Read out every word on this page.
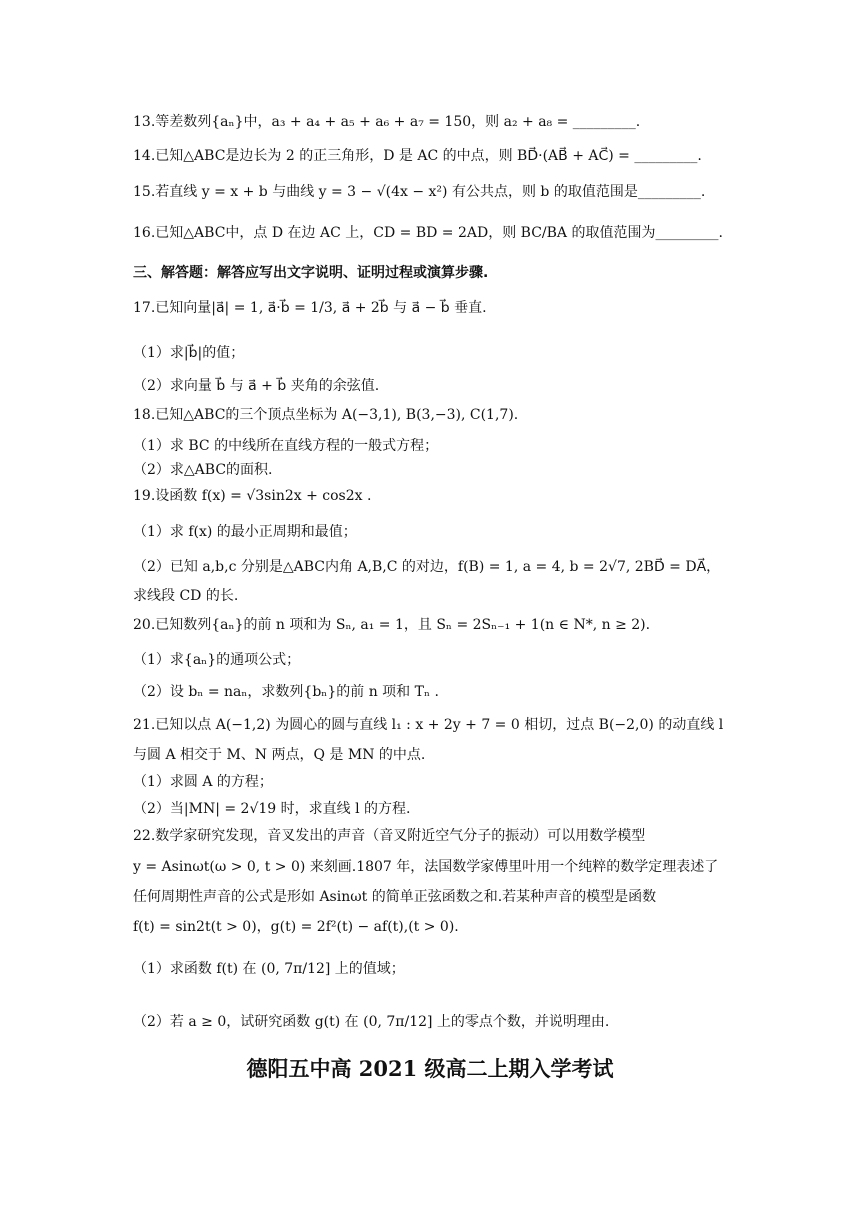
13.等差数列{aₙ}中，a₃ + a₄ + a₅ + a₆ + a₇ = 150，则 a₂ + a₈ = _________.
14.已知△ABC是边长为 2 的正三角形，D 是 AC 的中点，则 BD⃗·(AB⃗ + AC⃗) = _________.
15.若直线 y = x + b 与曲线 y = 3 − √(4x − x²) 有公共点，则 b 的取值范围是_________.
16.已知△ABC中，点 D 在边 AC 上，CD = BD = 2AD，则 BC/BA 的取值范围为_________.
三、解答题：解答应写出文字说明、证明过程或演算步骤.
17.已知向量|a⃗| = 1, a⃗·b⃗ = 1/3, a⃗ + 2b⃗ 与 a⃗ − b⃗ 垂直.
（1）求|b⃗|的值；
（2）求向量 b⃗ 与 a⃗ + b⃗ 夹角的余弦值.
18.已知△ABC的三个顶点坐标为 A(−3,1), B(3,−3), C(1,7).
（1）求 BC 的中线所在直线方程的一般式方程；
（2）求△ABC的面积.
19.设函数 f(x) = √3sin2x + cos2x .
（1）求 f(x) 的最小正周期和最值；
（2）已知 a,b,c 分别是△ABC内角 A,B,C 的对边，f(B) = 1, a = 4, b = 2√7, 2BD⃗ = DA⃗，
求线段 CD 的长.
20.已知数列{aₙ}的前 n 项和为 Sₙ, a₁ = 1，且 Sₙ = 2Sₙ₋₁ + 1(n ∈ N*, n ≥ 2).
（1）求{aₙ}的通项公式；
（2）设 bₙ = naₙ，求数列{bₙ}的前 n 项和 Tₙ .
21.已知以点 A(−1,2) 为圆心的圆与直线 l₁ : x + 2y + 7 = 0 相切，过点 B(−2,0) 的动直线 l
与圆 A 相交于 M、N 两点，Q 是 MN 的中点.
（1）求圆 A 的方程；
（2）当|MN| = 2√19 时，求直线 l 的方程.
22.数学家研究发现，音叉发出的声音（音叉附近空气分子的振动）可以用数学模型
y = Asinωt(ω > 0, t > 0) 来刻画.1807 年，法国数学家傅里叶用一个纯粹的数学定理表述了
任何周期性声音的公式是形如 Asinωt 的简单正弦函数之和.若某种声音的模型是函数
f(t) = sin2t(t > 0)，g(t) = 2f²(t) − af(t),(t > 0).
（1）求函数 f(t) 在 (0, 7π/12] 上的值域；
（2）若 a ≥ 0，试研究函数 g(t) 在 (0, 7π/12] 上的零点个数，并说明理由.
德阳五中高 2021 级高二上期入学考试
